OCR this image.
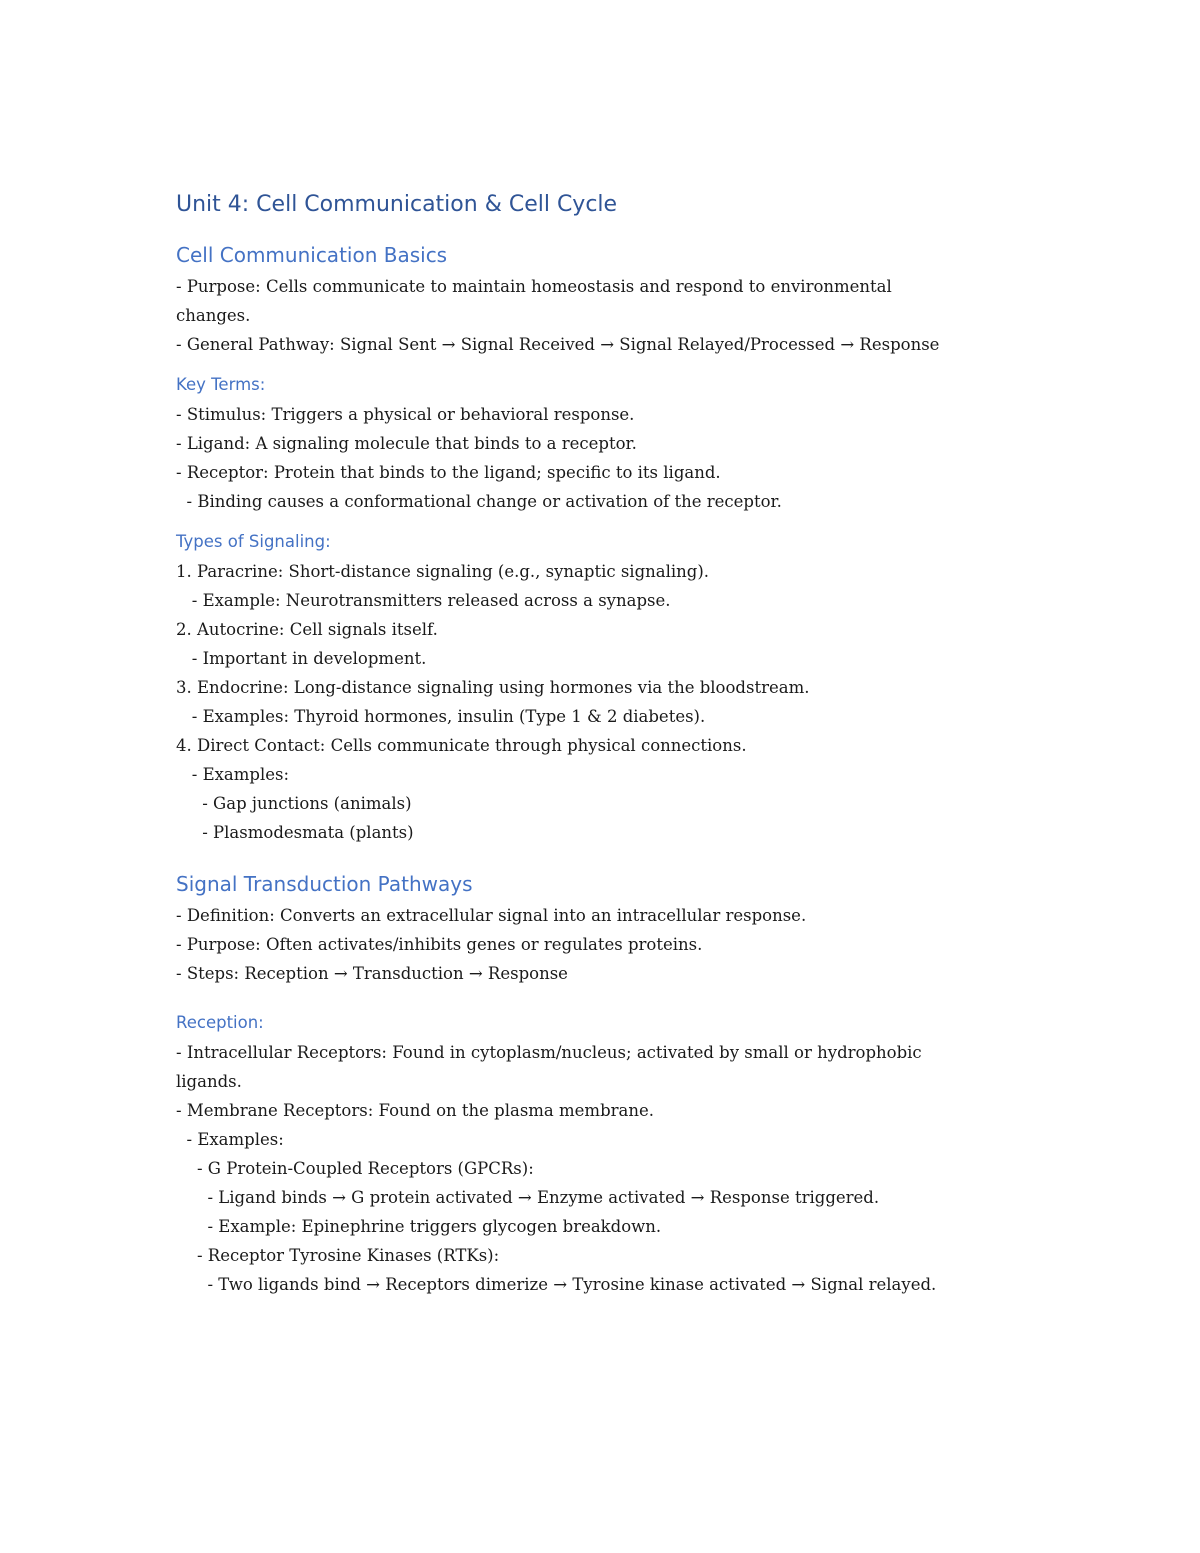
Unit 4: Cell Communication & Cell Cycle
Cell Communication Basics

- Purpose: Cells communicate to maintain homeostasis and respond to environmental

changes.

- General Pathway: Signal Sent → Signal Received → Signal Relayed/Processed → Response

Key Terms:

- Stimulus: Triggers a physical or behavioral response.

- Ligand: A signaling molecule that binds to a receptor.

- Receptor: Protein that binds to the ligand; specific to its ligand.

- Binding causes a conformational change or activation of the receptor.

Types of Signaling:

1. Paracrine: Short-distance signaling (e.g., synaptic signaling).

- Example: Neurotransmitters released across a synapse.

2. Autocrine: Cell signals itself.

- Important in development.

3. Endocrine: Long-distance signaling using hormones via the bloodstream.

- Examples: Thyroid hormones, insulin (Type 1 & 2 diabetes).

4. Direct Contact: Cells communicate through physical connections.

- Examples:

- Gap junctions (animals)

- Plasmodesmata (plants)

Signal Transduction Pathways

- Definition: Converts an extracellular signal into an intracellular response.

- Purpose: Often activates/inhibits genes or regulates proteins.

- Steps: Reception → Transduction → Response

Reception:

- Intracellular Receptors: Found in cytoplasm/nucleus; activated by small or hydrophobic

ligands.

- Membrane Receptors: Found on the plasma membrane.

- Examples:

- G Protein-Coupled Receptors (GPCRs):

- Ligand binds → G protein activated → Enzyme activated → Response triggered.

- Example: Epinephrine triggers glycogen breakdown.

- Receptor Tyrosine Kinases (RTKs):

- Two ligands bind → Receptors dimerize → Tyrosine kinase activated → Signal relayed.
